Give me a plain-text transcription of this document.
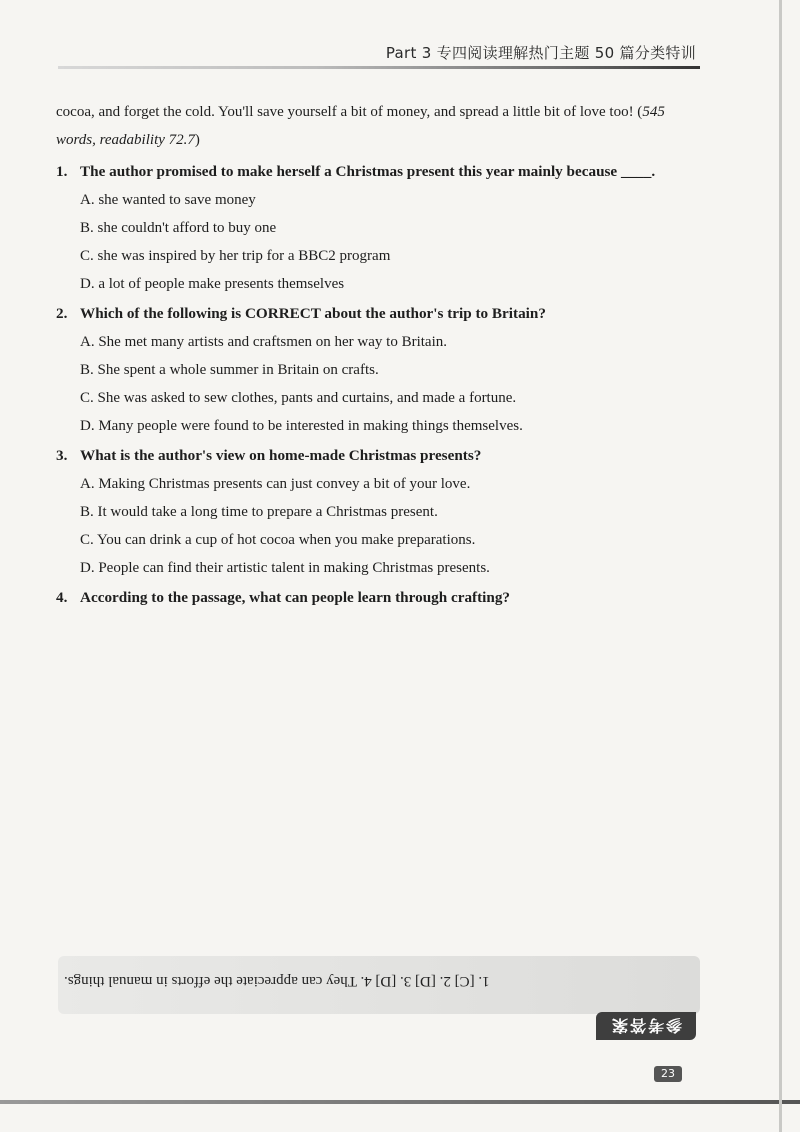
Part 3 专四阅读理解热门主题 50 篇分类特训
cocoa, and forget the cold. You'll save yourself a bit of money, and spread a little bit of love too! (545
words, readability 72.7)
1. The author promised to make herself a Christmas present this year mainly because ____.
A. she wanted to save money
B. she couldn't afford to buy one
C. she was inspired by her trip for a BBC2 program
D. a lot of people make presents themselves
2. Which of the following is CORRECT about the author's trip to Britain?
A. She met many artists and craftsmen on her way to Britain.
B. She spent a whole summer in Britain on crafts.
C. She was asked to sew clothes, pants and curtains, and made a fortune.
D. Many people were found to be interested in making things themselves.
3. What is the author's view on home-made Christmas presents?
A. Making Christmas presents can just convey a bit of your love.
B. It would take a long time to prepare a Christmas present.
C. You can drink a cup of hot cocoa when you make preparations.
D. People can find their artistic talent in making Christmas presents.
4. According to the passage, what can people learn through crafting?
1. [C] 2. [D] 3. [D] 4. They can appreciate the efforts in manual things.
参考答案
23
